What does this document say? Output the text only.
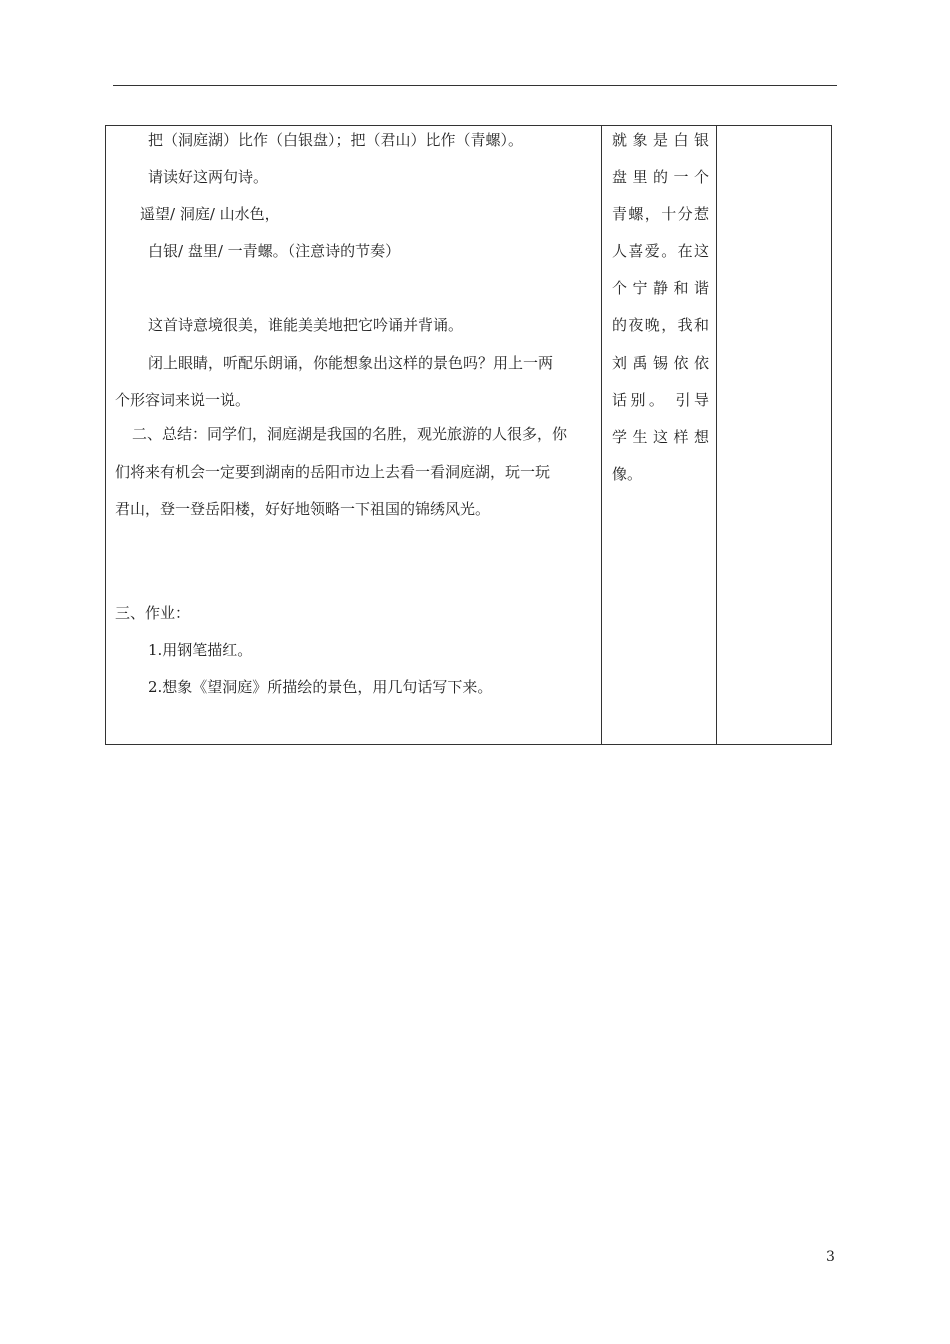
把（洞庭湖）比作（白银盘）；把（君山）比作（青螺）。
请读好这两句诗。
遥望/ 洞庭/ 山水色，
白银/ 盘里/ 一青螺。（注意诗的节奏）
这首诗意境很美，谁能美美地把它吟诵并背诵。
闭上眼睛，听配乐朗诵，你能想象出这样的景色吗？用上一两
个形容词来说一说。
二、总结：同学们，洞庭湖是我国的名胜，观光旅游的人很多，你
们将来有机会一定要到湖南的岳阳市边上去看一看洞庭湖，玩一玩
君山，登一登岳阳楼，好好地领略一下祖国的锦绣风光。
三、作业：
1.用钢笔描红。
2.想象《望洞庭》所描绘的景色，用几句话写下来。
就象是白银
盘里的一个
青螺，十分惹
人喜爱。在这
个宁静和谐
的夜晚，我和
刘禹锡依依
话别。 引导
学生这样想
像。
3
